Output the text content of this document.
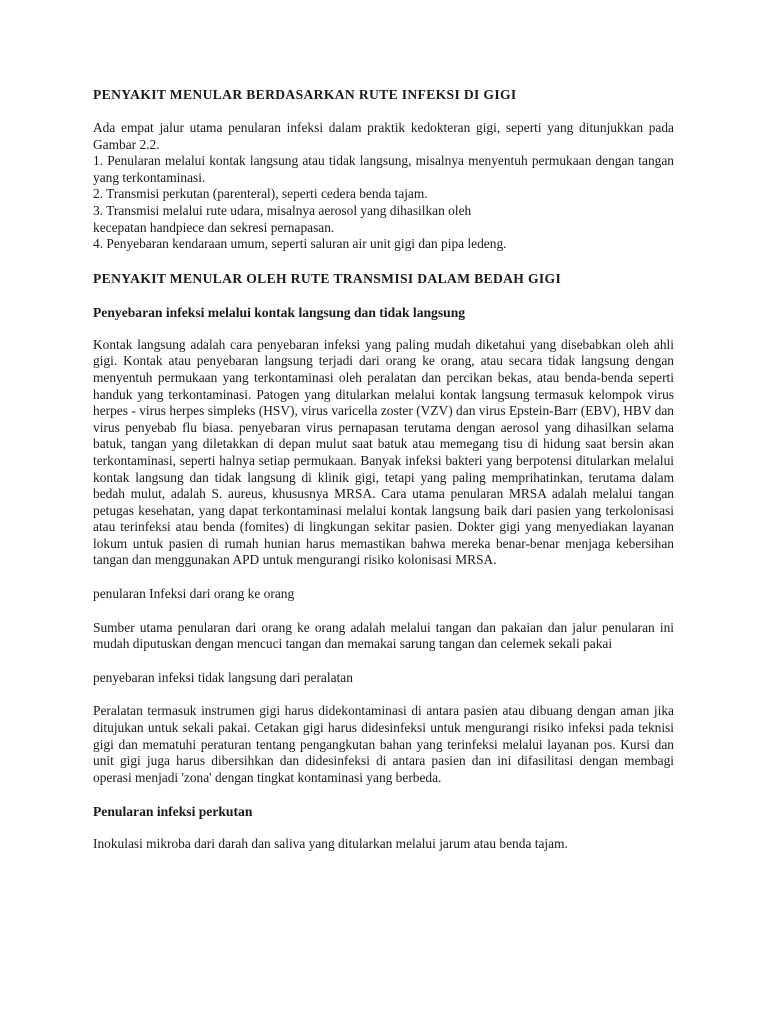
PENYAKIT MENULAR BERDASARKAN RUTE INFEKSI DI GIGI

Ada empat jalur utama penularan infeksi dalam praktik kedokteran gigi, seperti yang ditunjukkan pada Gambar 2.2.

1. Penularan melalui kontak langsung atau tidak langsung, misalnya menyentuh permukaan dengan tangan yang terkontaminasi.
2. Transmisi perkutan (parenteral), seperti cedera benda tajam.
3. Transmisi melalui rute udara, misalnya aerosol yang dihasilkan oleh
kecepatan handpiece dan sekresi pernapasan.
4. Penyebaran kendaraan umum, seperti saluran air unit gigi dan pipa ledeng.
PENYAKIT MENULAR OLEH RUTE TRANSMISI DALAM BEDAH GIGI
Penyebaran infeksi melalui kontak langsung dan tidak langsung

Kontak langsung adalah cara penyebaran infeksi yang paling mudah diketahui yang disebabkan oleh ahli gigi. Kontak atau penyebaran langsung terjadi dari orang ke orang, atau secara tidak langsung dengan menyentuh permukaan yang terkontaminasi oleh peralatan dan percikan bekas, atau benda-benda seperti handuk yang terkontaminasi. Patogen yang ditularkan melalui kontak langsung termasuk kelompok virus herpes - virus herpes simpleks (HSV), virus varicella zoster (VZV) dan virus Epstein-Barr (EBV), HBV dan virus penyebab flu biasa. penyebaran virus pernapasan terutama dengan aerosol yang dihasilkan selama batuk, tangan yang diletakkan di depan mulut saat batuk atau memegang tisu di hidung saat bersin akan terkontaminasi, seperti halnya setiap permukaan. Banyak infeksi bakteri yang berpotensi ditularkan melalui kontak langsung dan tidak langsung di klinik gigi, tetapi yang paling memprihatinkan, terutama dalam bedah mulut, adalah S. aureus, khususnya MRSA. Cara utama penularan MRSA adalah melalui tangan petugas kesehatan, yang dapat terkontaminasi melalui kontak langsung baik dari pasien yang terkolonisasi atau terinfeksi atau benda (fomites) di lingkungan sekitar pasien. Dokter gigi yang menyediakan layanan lokum untuk pasien di rumah hunian harus memastikan bahwa mereka benar-benar menjaga kebersihan tangan dan menggunakan APD untuk mengurangi risiko kolonisasi MRSA.

penularan Infeksi dari orang ke orang

Sumber utama penularan dari orang ke orang adalah melalui tangan dan pakaian dan jalur penularan ini mudah diputuskan dengan mencuci tangan dan memakai sarung tangan dan celemek sekali pakai

penyebaran infeksi tidak langsung dari peralatan

Peralatan termasuk instrumen gigi harus didekontaminasi di antara pasien atau dibuang dengan aman jika ditujukan untuk sekali pakai. Cetakan gigi harus didesinfeksi untuk mengurangi risiko infeksi pada teknisi gigi dan mematuhi peraturan tentang pengangkutan bahan yang terinfeksi melalui layanan pos. Kursi dan unit gigi juga harus dibersihkan dan didesinfeksi di antara pasien dan ini difasilitasi dengan membagi operasi menjadi 'zona' dengan tingkat kontaminasi yang berbeda.

Penularan infeksi perkutan

Inokulasi mikroba dari darah dan saliva yang ditularkan melalui jarum atau benda tajam.
